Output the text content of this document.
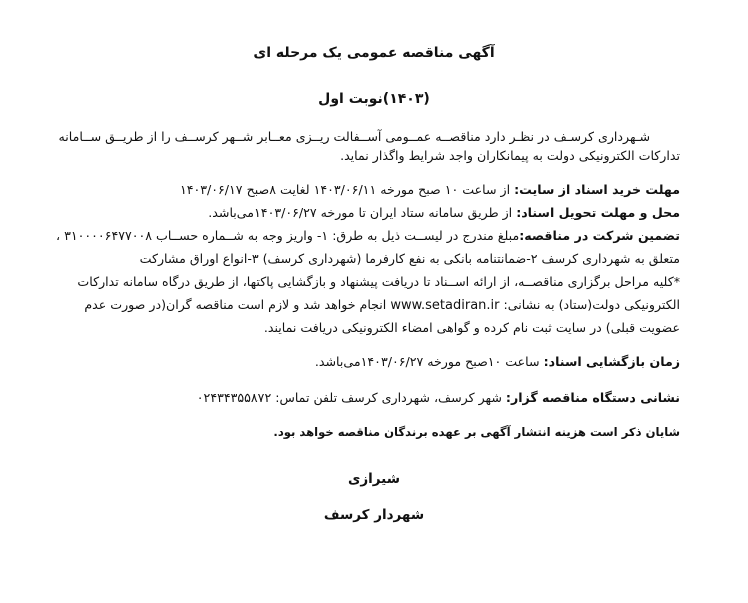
آگهی مناقصه عمومی یک مرحله ای
(۱۴۰۳)نوبت اول
شـهرداری کرسـف در نظـر دارد مناقصــه عمــومی آســفالت ریــزی معــابر شــهر کرســف را از طریــق ســامانه
تدارکات الکترونیکی دولت به پیمانکاران واجد شرایط واگذار نماید.
مهلت خرید اسناد از سایت: از ساعت ۱۰ صبح مورخه ۱۴۰۳/۰۶/۱۱ لغایت ۸صبح ۱۴۰۳/۰۶/۱۷
محل و مهلت تحویل اسناد: از طریق سامانه ستاد ایران تا مورخه ۱۴۰۳/۰۶/۲۷می‌باشد.
تضمین شرکت در مناقصه:مبلغ مندرج در لیســت ذیل به طرق: ۱- واریز وجه به شــماره حســاب ۳۱۰۰۰۰۶۴۷۷۰۰۸ ،
متعلق به شهرداری کرسف ۲-ضمانتنامه بانکی به نفع کارفرما (شهرداری کرسف) ۳-انواع اوراق مشارکت
*کلیه مراحل برگزاری مناقصــه، از ارائه اســناد تا دریافت پیشنهاد و بازگشایی پاکتها، از طریق درگاه سامانه تدارکات
الکترونیکی دولت(ستاد) به نشانی: www.setadiran.ir انجام خواهد شد و لازم است مناقصه گران(در صورت عدم
عضویت قبلی) در سایت ثبت نام کرده و گواهی امضاء الکترونیکی دریافت نمایند.
زمان بازگشایی اسناد: ساعت ۱۰صبح مورخه ۱۴۰۳/۰۶/۲۷می‌باشد.
نشانی دستگاه مناقصه گزار: شهر کرسف، شهرداری کرسف تلفن تماس: ۰۲۴۳۴۳۵۵۸۷۲
شایان ذکر است هزینه انتشار آگهی بر عهده برندگان مناقصه خواهد بود.
شیرازی
شهردار کرسف
